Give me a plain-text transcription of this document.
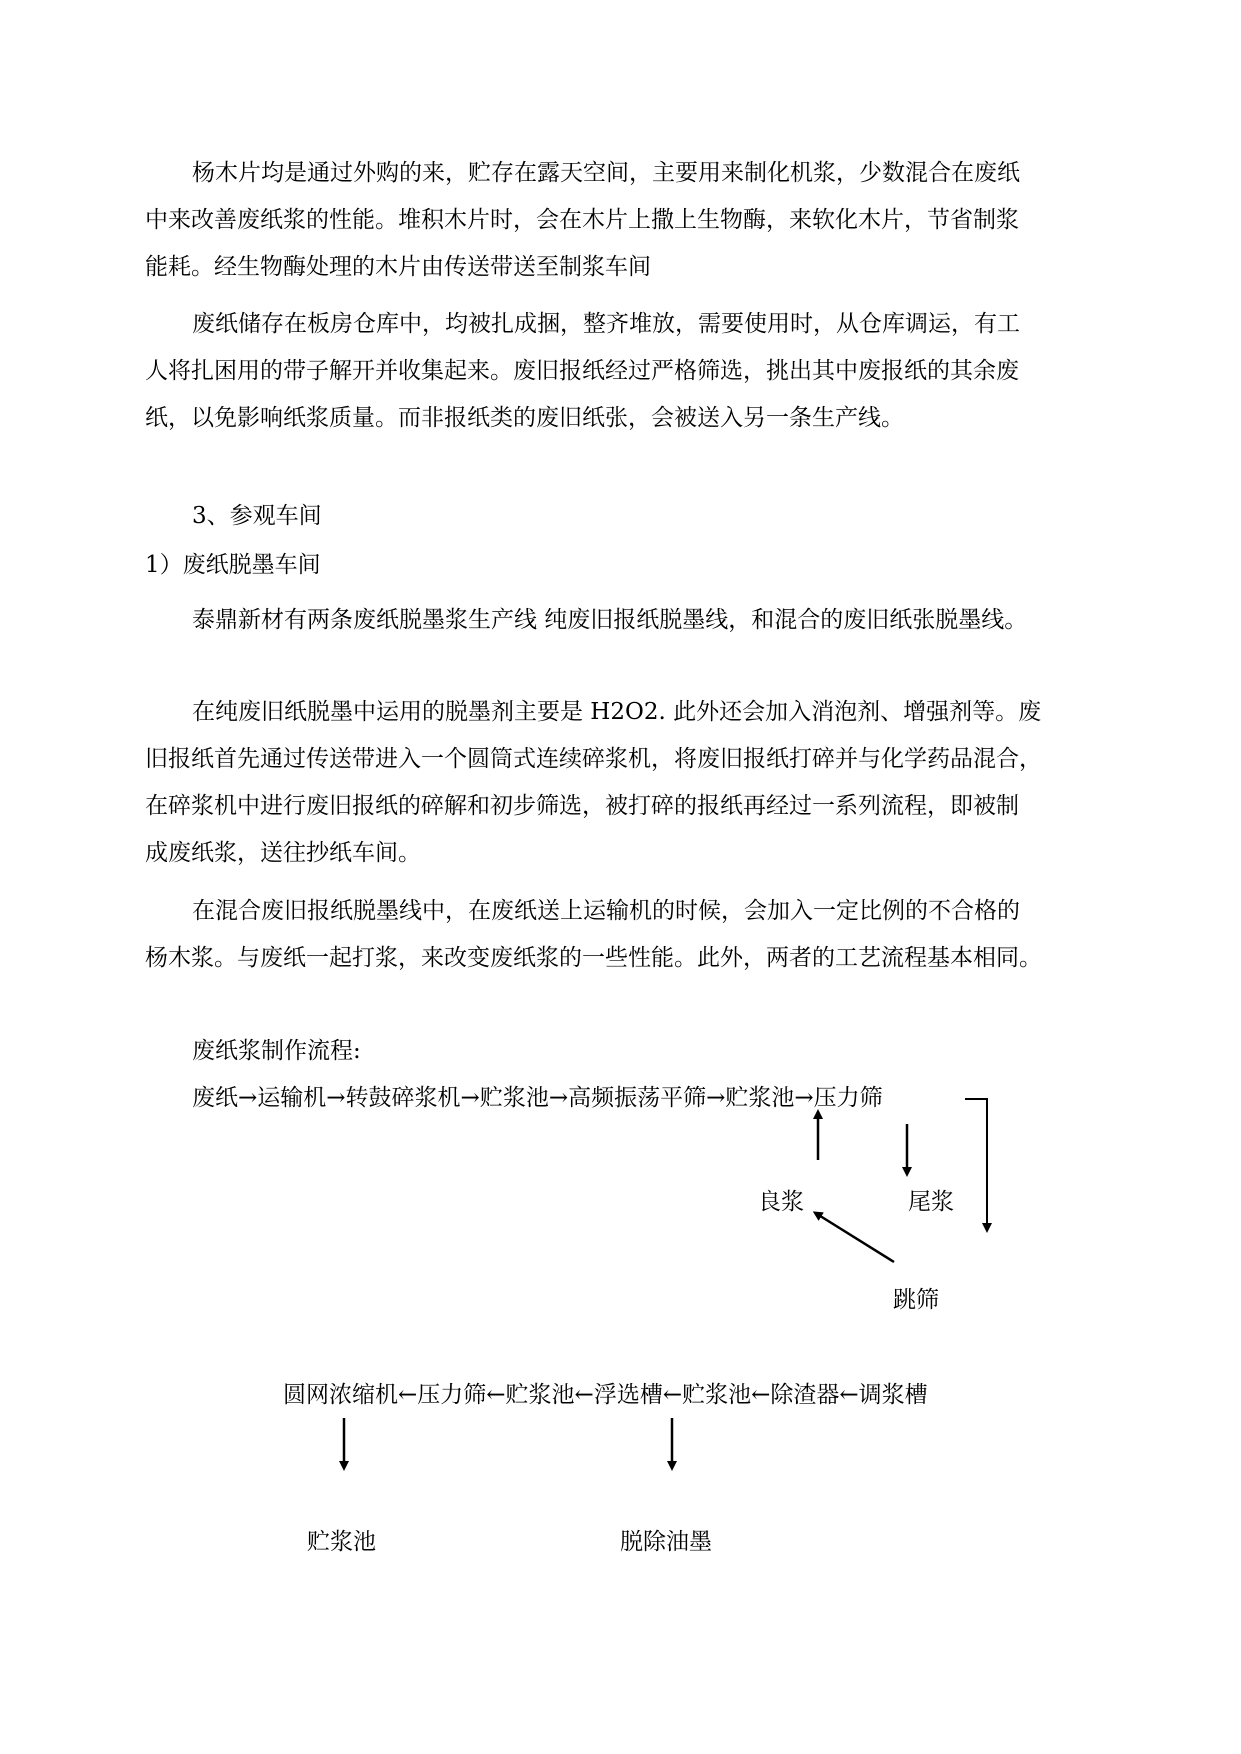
杨木片均是通过外购的来，贮存在露天空间，主要用来制化机浆，少数混合在废纸
中来改善废纸浆的性能。堆积木片时，会在木片上撒上生物酶，来软化木片，节省制浆
能耗。经生物酶处理的木片由传送带送至制浆车间
废纸储存在板房仓库中，均被扎成捆，整齐堆放，需要使用时，从仓库调运，有工
人将扎困用的带子解开并收集起来。废旧报纸经过严格筛选，挑出其中废报纸的其余废
纸，以免影响纸浆质量。而非报纸类的废旧纸张，会被送入另一条生产线。
3、参观车间
1）废纸脱墨车间
泰鼎新材有两条废纸脱墨浆生产线 纯废旧报纸脱墨线，和混合的废旧纸张脱墨线。
在纯废旧纸脱墨中运用的脱墨剂主要是 H2O2. 此外还会加入消泡剂、增强剂等。废
旧报纸首先通过传送带进入一个圆筒式连续碎浆机，将废旧报纸打碎并与化学药品混合，
在碎浆机中进行废旧报纸的碎解和初步筛选，被打碎的报纸再经过一系列流程，即被制
成废纸浆，送往抄纸车间。
在混合废旧报纸脱墨线中，在废纸送上运输机的时候，会加入一定比例的不合格的
杨木浆。与废纸一起打浆，来改变废纸浆的一些性能。此外，两者的工艺流程基本相同。
废纸浆制作流程:
废纸→运输机→转鼓碎浆机→贮浆池→高频振荡平筛→贮浆池→压力筛
良浆	尾浆
跳筛
圆网浓缩机←压力筛←贮浆池←浮选槽←贮浆池←除渣器←调浆槽
贮浆池	脱除油墨
